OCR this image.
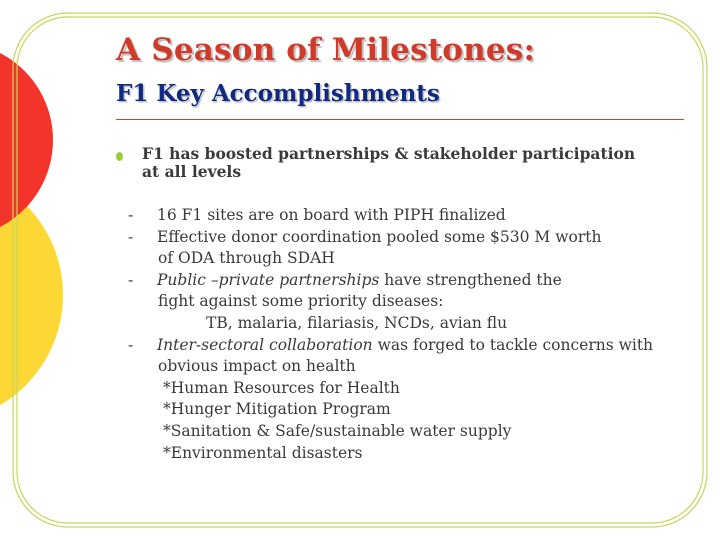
A Season of Milestones:
F1 Key Accomplishments

F1 has boosted partnerships & stakeholder participation
at all levels

- 16 F1 sites are on board with PIPH finalized

- Effective donor coordination pooled some $530 M worth

of ODA through SDAH

- Public –private partnerships have strengthened the

fight against some priority diseases:

TB, malaria, filariasis, NCDs, avian flu

- Inter-sectoral collaboration was forged to tackle concerns with

obvious impact on health

*Human Resources for Health

*Hunger Mitigation Program

*Sanitation & Safe/sustainable water supply

*Environmental disasters
